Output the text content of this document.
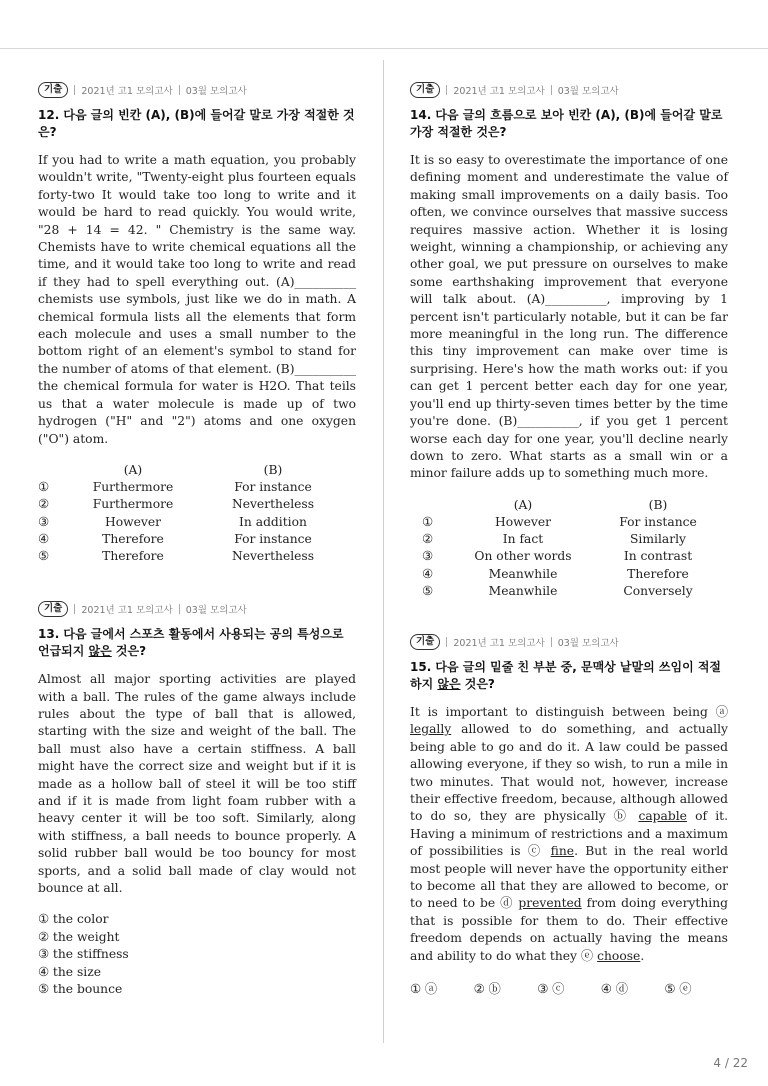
기출	2021년 고1 모의고사 03월 모의고사

12. 다음 글의 빈칸 (A), (B)에 들어갈 말로 가장 적절한 것은?

If you had to write a math equation, you probably wouldn't write, "Twenty-eight plus fourteen equals forty-two It would take too long to write and it would be hard to read quickly. You would write, "28 + 14 = 42. " Chemistry is the same way. Chemists have to write chemical equations all the time, and it would take too long to write and read if they had to spell everything out. (A)__________ chemists use symbols, just like we do in math. A chemical formula lists all the elements that form each molecule and uses a small number to the bottom right of an element's symbol to stand for the number of atoms of that element. (B)__________ the chemical formula for water is H2O. That teils us that a water molecule is made up of two hydrogen ("H" and "2") atoms and one oxygen ("O") atom.

	(A)	(B)
①	Furthermore	For instance
②	Furthermore	Nevertheless
③	However	In addition
④	Therefore	For instance
⑤	Therefore	Nevertheless
기출	2021년 고1 모의고사 03월 모의고사

13. 다음 글에서 스포츠 활동에서 사용되는 공의 특성으로 언급되지 않은 것은?

Almost all major sporting activities are played with a ball. The rules of the game always include rules about the type of ball that is allowed, starting with the size and weight of the ball. The ball must also have a certain stiffness. A ball might have the correct size and weight but if it is made as a hollow ball of steel it will be too stiff and if it is made from light foam rubber with a heavy center it will be too soft. Similarly, along with stiffness, a ball needs to bounce properly. A solid rubber ball would be too bouncy for most sports, and a solid ball made of clay would not bounce at all.

① the color
② the weight
③ the stiffness
④ the size
⑤ the bounce
기출	2021년 고1 모의고사 03월 모의고사

14. 다음 글의 흐름으로 보아 빈칸 (A), (B)에 들어갈 말로 가장 적절한 것은?

It is so easy to overestimate the importance of one defining moment and underestimate the value of making small improvements on a daily basis. Too often, we convince ourselves that massive success requires massive action. Whether it is losing weight, winning a championship, or achieving any other goal, we put pressure on ourselves to make some earthshaking improvement that everyone will talk about. (A)__________, improving by 1 percent isn't particularly notable, but it can be far more meaningful in the long run. The difference this tiny improvement can make over time is surprising. Here's how the math works out: if you can get 1 percent better each day for one year, you'll end up thirty-seven times better by the time you're done. (B)__________, if you get 1 percent worse each day for one year, you'll decline nearly down to zero. What starts as a small win or a minor failure adds up to something much more.

	(A)	(B)
①	However	For instance
②	In fact	Similarly
③	On other words	In contrast
④	Meanwhile	Therefore
⑤	Meanwhile	Conversely
기출	2021년 고1 모의고사 03월 모의고사

15. 다음 글의 밑줄 친 부분 중, 문맥상 낱말의 쓰임이 적절하지 않은 것은?

It is important to distinguish between being ⓐ legally allowed to do something, and actually being able to go and do it. A law could be passed allowing everyone, if they so wish, to run a mile in two minutes. That would not, however, increase their effective freedom, because, although allowed to do so, they are physically ⓑ capable of it. Having a minimum of restrictions and a maximum of possibilities is ⓒ fine. But in the real world most people will never have the opportunity either to become all that they are allowed to become, or to need to be ⓓ prevented from doing everything that is possible for them to do. Their effective freedom depends on actually having the means and ability to do what they ⓔ choose.

① ⓐ	② ⓑ	③ ⓒ	④ ⓓ	⑤ ⓔ
4 / 22
